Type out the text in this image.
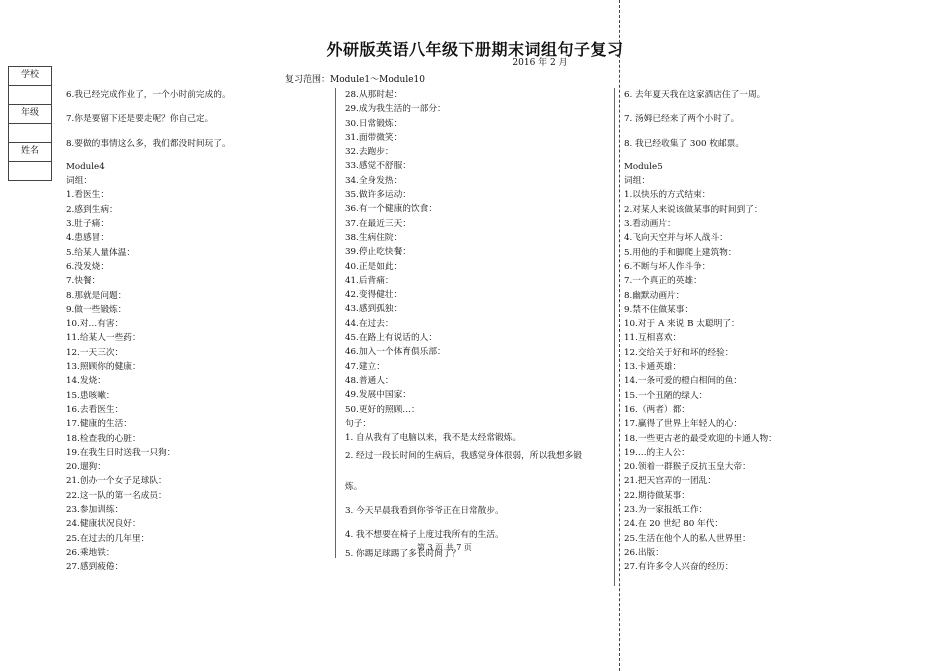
外研版英语八年级下册期末词组句子复习
2016 年 2 月
复习范围：Module1〜Module10
学校

年级

姓名

6.我已经完成作业了，一个小时前完成的。
7.你是要留下还是要走呢？你自己定。
8.要做的事情这么多，我们都没时间玩了。
Module4
词组：
1.看医生：
2.感到生病：
3.肚子痛：
4.患感冒：
5.给某人量体温：
6.没发烧：
7.快餐：
8.那就是问题：
9.做一些锻炼：
10.对…有害：
11.给某人一些药：
12.一天三次：
13.照顾你的健康：
14.发烧：
15.患咳嗽：
16.去看医生：
17.健康的生活：
18.检查我的心脏：
19.在我生日时送我一只狗：
20.遛狗：
21.创办一个女子足球队：
22.这一队的第一名成员：
23.参加训练：
24.健康状况良好：
25.在过去的几年里：
26.乘地铁：
27.感到疲倦：
28.从那时起：
29.成为我生活的一部分：
30.日常锻炼：
31.面带微笑：
32.去跑步：
33.感觉不舒服：
34.全身发热：
35.做许多运动：
36.有一个健康的饮食：
37.在最近三天：
38.生病住院：
39.停止吃快餐：
40.正是如此：
41.后背痛：
42.变得健壮：
43.感到孤独：
44.在过去：
45.在路上有说话的人：
46.加入一个体育俱乐部：
47.建立：
48.普通人：
49.发展中国家：
50.更好的照顾…：
句子：
1. 自从我有了电脑以来，我不是太经常锻炼。
2. 经过一段长时间的生病后，我感觉身体很弱，所以我想多锻
炼。
3. 今天早晨我看到你爷爷正在日常散步。
4. 我不想要在椅子上度过我所有的生活。
5. 你踢足球踢了多长时间了？
第 3 页 共 7 页
6. 去年夏天我在这家酒店住了一周。
7. 汤姆已经来了两个小时了。
8. 我已经收集了 300 枚邮票。
Module5
词组：
1.以快乐的方式结束：
2.对某人来说该做某事的时间到了：
3.看动画片：
4.飞向天空并与坏人战斗：
5.用他的手和脚爬上建筑物：
6.不断与坏人作斗争：
7.一个真正的英雄：
8.幽默动画片：
9.禁不住做某事：
10.对于 A 来说 B 太聪明了：
11.互相喜欢：
12.交给关于好和坏的经验：
13.卡通英雄：
14.一条可爱的橙白相间的鱼：
15.一个丑陋的绿人：
16.（两者）都：
17.赢得了世界上年轻人的心：
18.一些更古老的最受欢迎的卡通人物：
19.…的主人公：
20.领着一群猴子反抗玉皇大帝：
21.把天宫弄的一团乱：
22.期待做某事：
23.为一家报纸工作：
24.在 20 世纪 80 年代：
25.生活在他个人的私人世界里：
26.出版：
27.有许多令人兴奋的经历：
